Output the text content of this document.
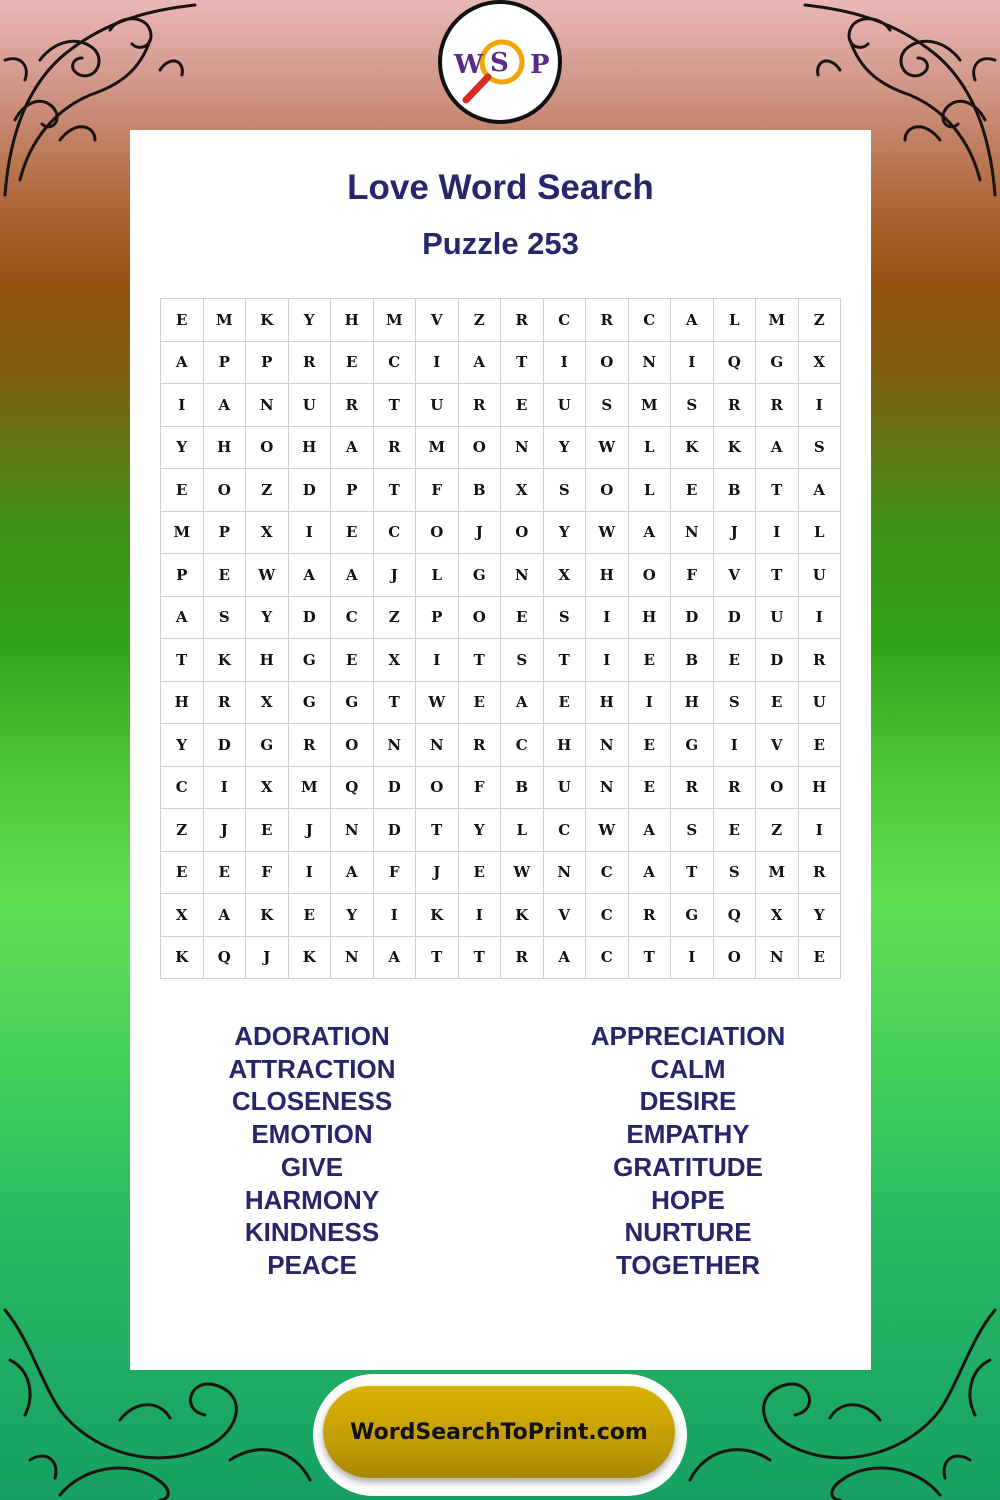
Love Word Search
Puzzle 253
E	M	K	Y	H	M	V	Z	R	C	R	C	A	L	M	Z
A	P	P	R	E	C	I	A	T	I	O	N	I	Q	G	X
I	A	N	U	R	T	U	R	E	U	S	M	S	R	R	I
Y	H	O	H	A	R	M	O	N	Y	W	L	K	K	A	S
E	O	Z	D	P	T	F	B	X	S	O	L	E	B	T	A
M	P	X	I	E	C	O	J	O	Y	W	A	N	J	I	L
P	E	W	A	A	J	L	G	N	X	H	O	F	V	T	U
A	S	Y	D	C	Z	P	O	E	S	I	H	D	D	U	I
T	K	H	G	E	X	I	T	S	T	I	E	B	E	D	R
H	R	X	G	G	T	W	E	A	E	H	I	H	S	E	U
Y	D	G	R	O	N	N	R	C	H	N	E	G	I	V	E
C	I	X	M	Q	D	O	F	B	U	N	E	R	R	O	H
Z	J	E	J	N	D	T	Y	L	C	W	A	S	E	Z	I
E	E	F	I	A	F	J	E	W	N	C	A	T	S	M	R
X	A	K	E	Y	I	K	I	K	V	C	R	G	Q	X	Y
K	Q	J	K	N	A	T	T	R	A	C	T	I	O	N	E
ADORATION
ATTRACTION
CLOSENESS
EMOTION
GIVE
HARMONY
KINDNESS
PEACE
APPRECIATION
CALM
DESIRE
EMPATHY
GRATITUDE
HOPE
NURTURE
TOGETHER
W S P
WordSearchToPrint.com
